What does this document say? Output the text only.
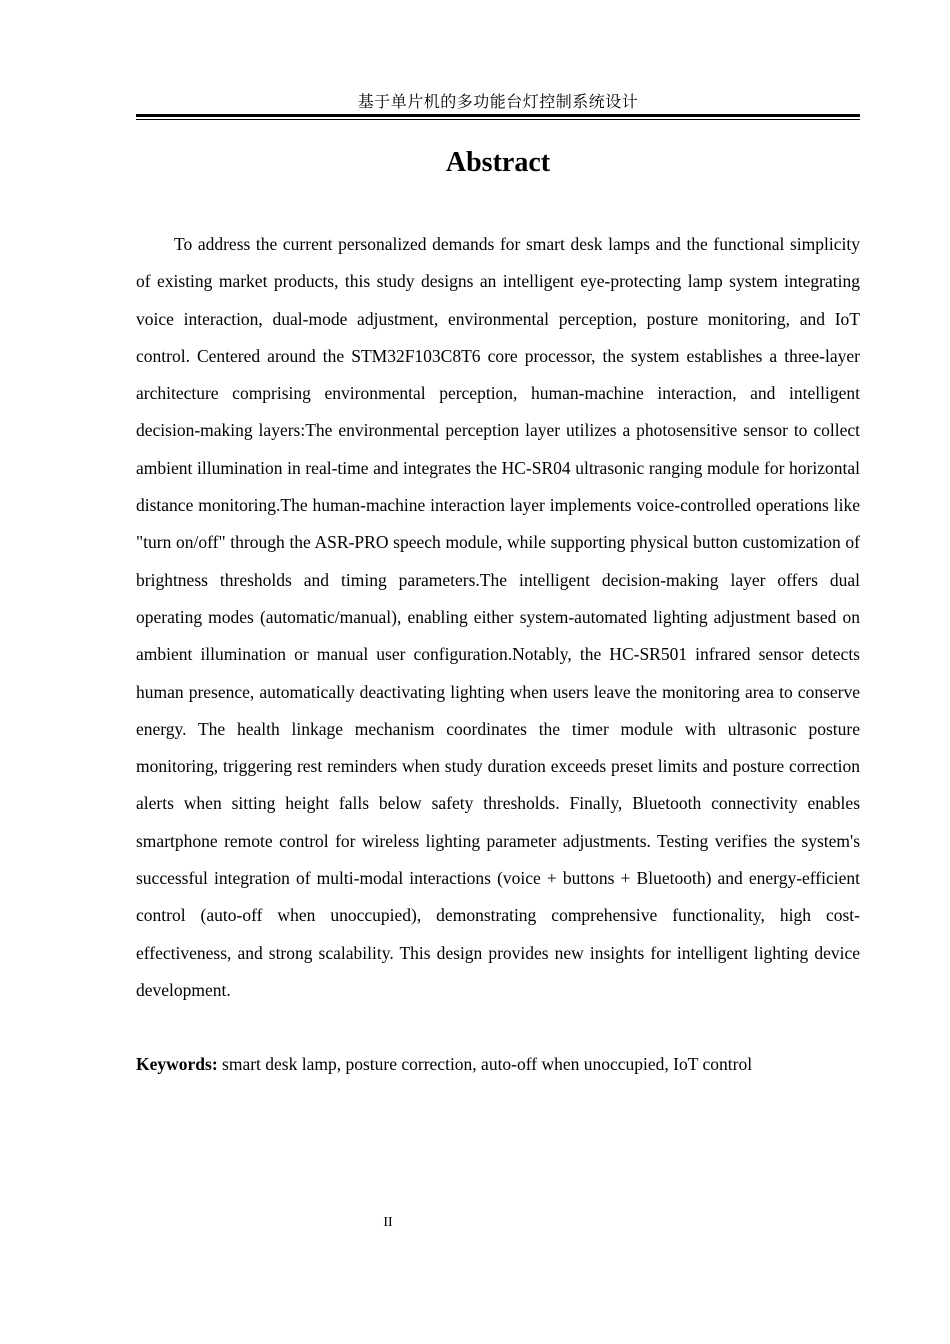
基于单片机的多功能台灯控制系统设计
Abstract

To address the current personalized demands for smart desk lamps and the functional simplicity of existing market products, this study designs an intelligent eye-protecting lamp system integrating voice interaction, dual-mode adjustment, environmental perception, posture monitoring, and IoT control. Centered around the STM32F103C8T6 core processor, the system establishes a three-layer architecture comprising environmental perception, human-machine interaction, and intelligent decision-making layers:The environmental perception layer utilizes a photosensitive sensor to collect ambient illumination in real-time and integrates the HC-SR04 ultrasonic ranging module for horizontal distance monitoring.The human-machine interaction layer implements voice-controlled operations like "turn on/off" through the ASR-PRO speech module, while supporting physical button customization of brightness thresholds and timing parameters.The intelligent decision-making layer offers dual operating modes (automatic/manual), enabling either system-automated lighting adjustment based on ambient illumination or manual user configuration.Notably, the HC-SR501 infrared sensor detects human presence, automatically deactivating lighting when users leave the monitoring area to conserve energy. The health linkage mechanism coordinates the timer module with ultrasonic posture monitoring, triggering rest reminders when study duration exceeds preset limits and posture correction alerts when sitting height falls below safety thresholds. Finally, Bluetooth connectivity enables smartphone remote control for wireless lighting parameter adjustments. Testing verifies the system's successful integration of multi-modal interactions (voice + buttons + Bluetooth) and energy-efficient control (auto-off when unoccupied), demonstrating comprehensive functionality, high cost-effectiveness, and strong scalability. This design provides new insights for intelligent lighting device development.

Keywords: smart desk lamp, posture correction, auto-off when unoccupied, IoT control

II
